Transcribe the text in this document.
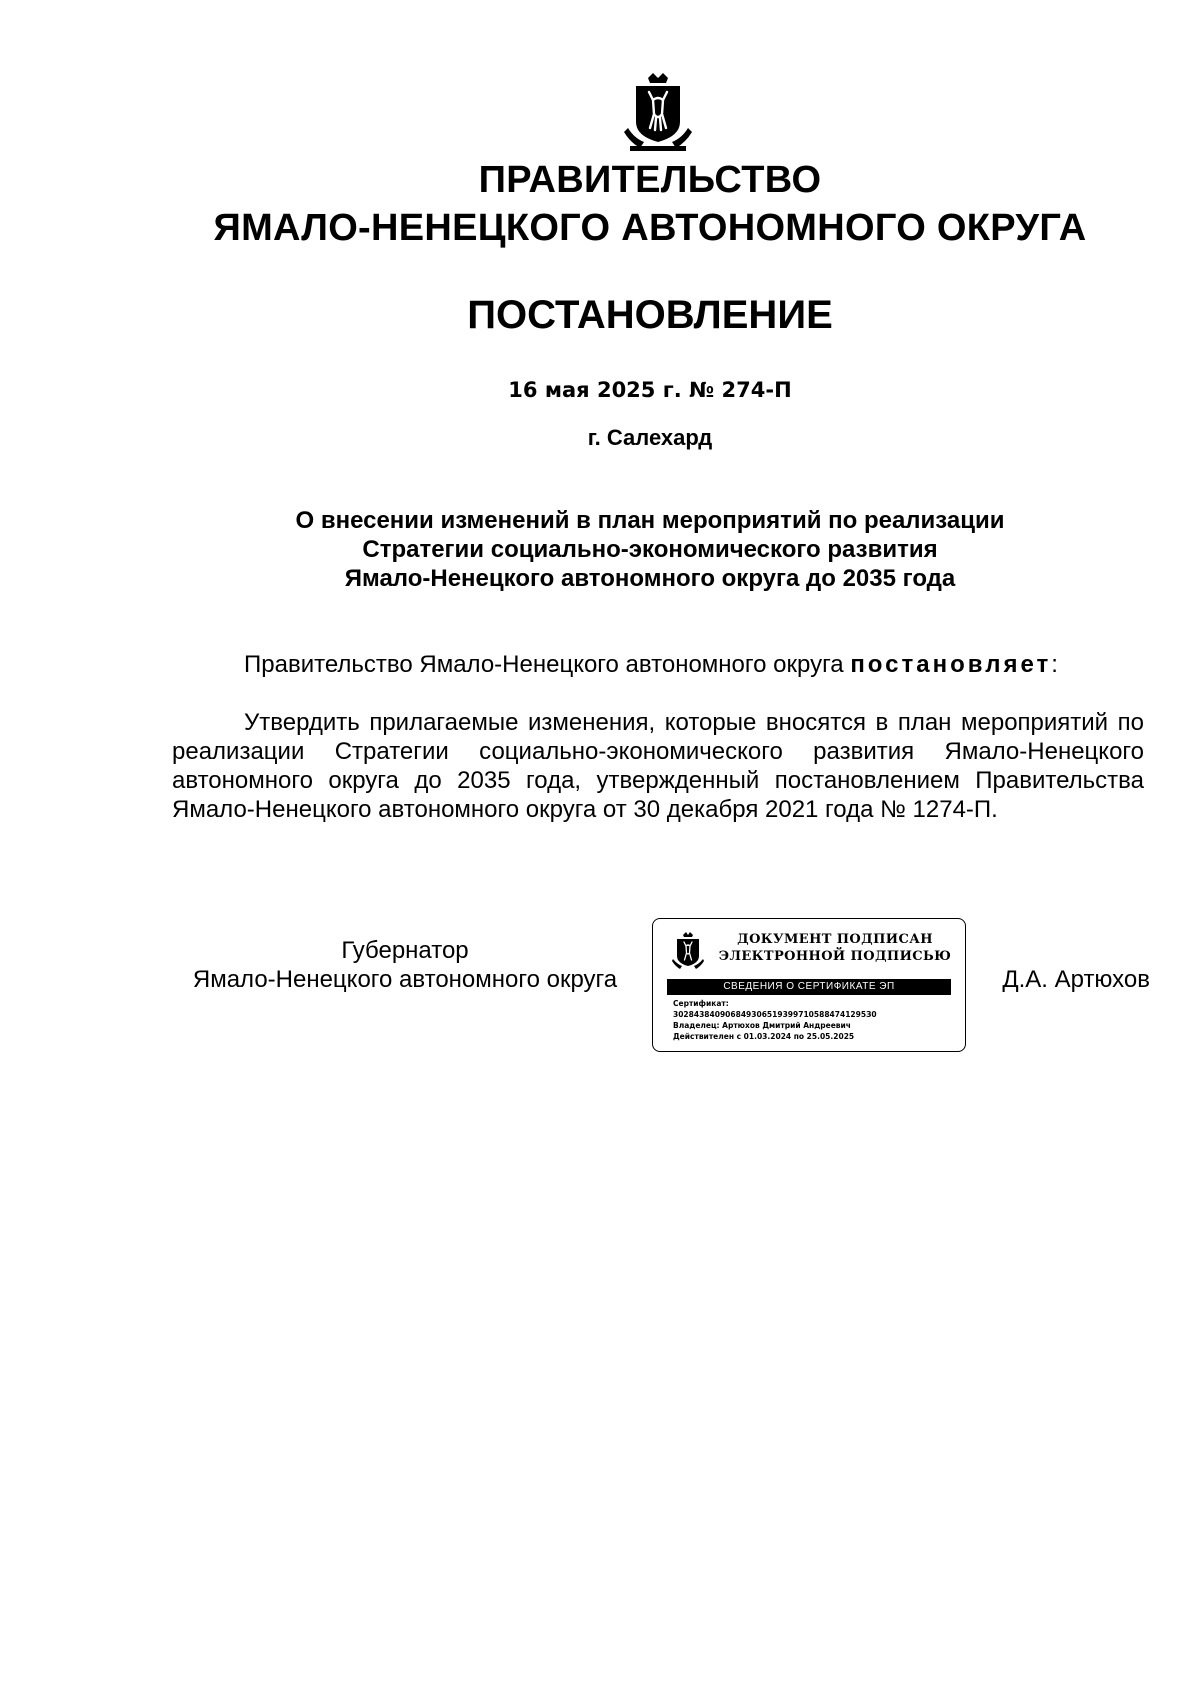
ПРАВИТЕЛЬСТВО
ЯМАЛО-НЕНЕЦКОГО АВТОНОМНОГО ОКРУГА
ПОСТАНОВЛЕНИЕ
16 мая 2025 г. № 274-П
г. Салехард
О внесении изменений в план мероприятий по реализации
Стратегии социально-экономического развития
Ямало-Ненецкого автономного округа до 2035 года
Правительство Ямало-Ненецкого автономного округа постановляет:
Утвердить прилагаемые изменения, которые вносятся в план мероприятий по реализации Стратегии социально-экономического развития Ямало-Ненецкого автономного округа до 2035 года, утвержденный постановлением Правительства Ямало-Ненецкого автономного округа от 30 декабря 2021 года № 1274-П.
Губернатор
Ямало-Ненецкого автономного округа
ДОКУМЕНТ ПОДПИСАН
ЭЛЕКТРОННОЙ ПОДПИСЬЮ
СВЕДЕНИЯ О СЕРТИФИКАТЕ ЭП
Сертификат:
3028438409068493065193997105884741295З0
Владелец: Артюхов Дмитрий Андреевич
Действителен с 01.03.2024 по 25.05.2025
Д.А. Артюхов
